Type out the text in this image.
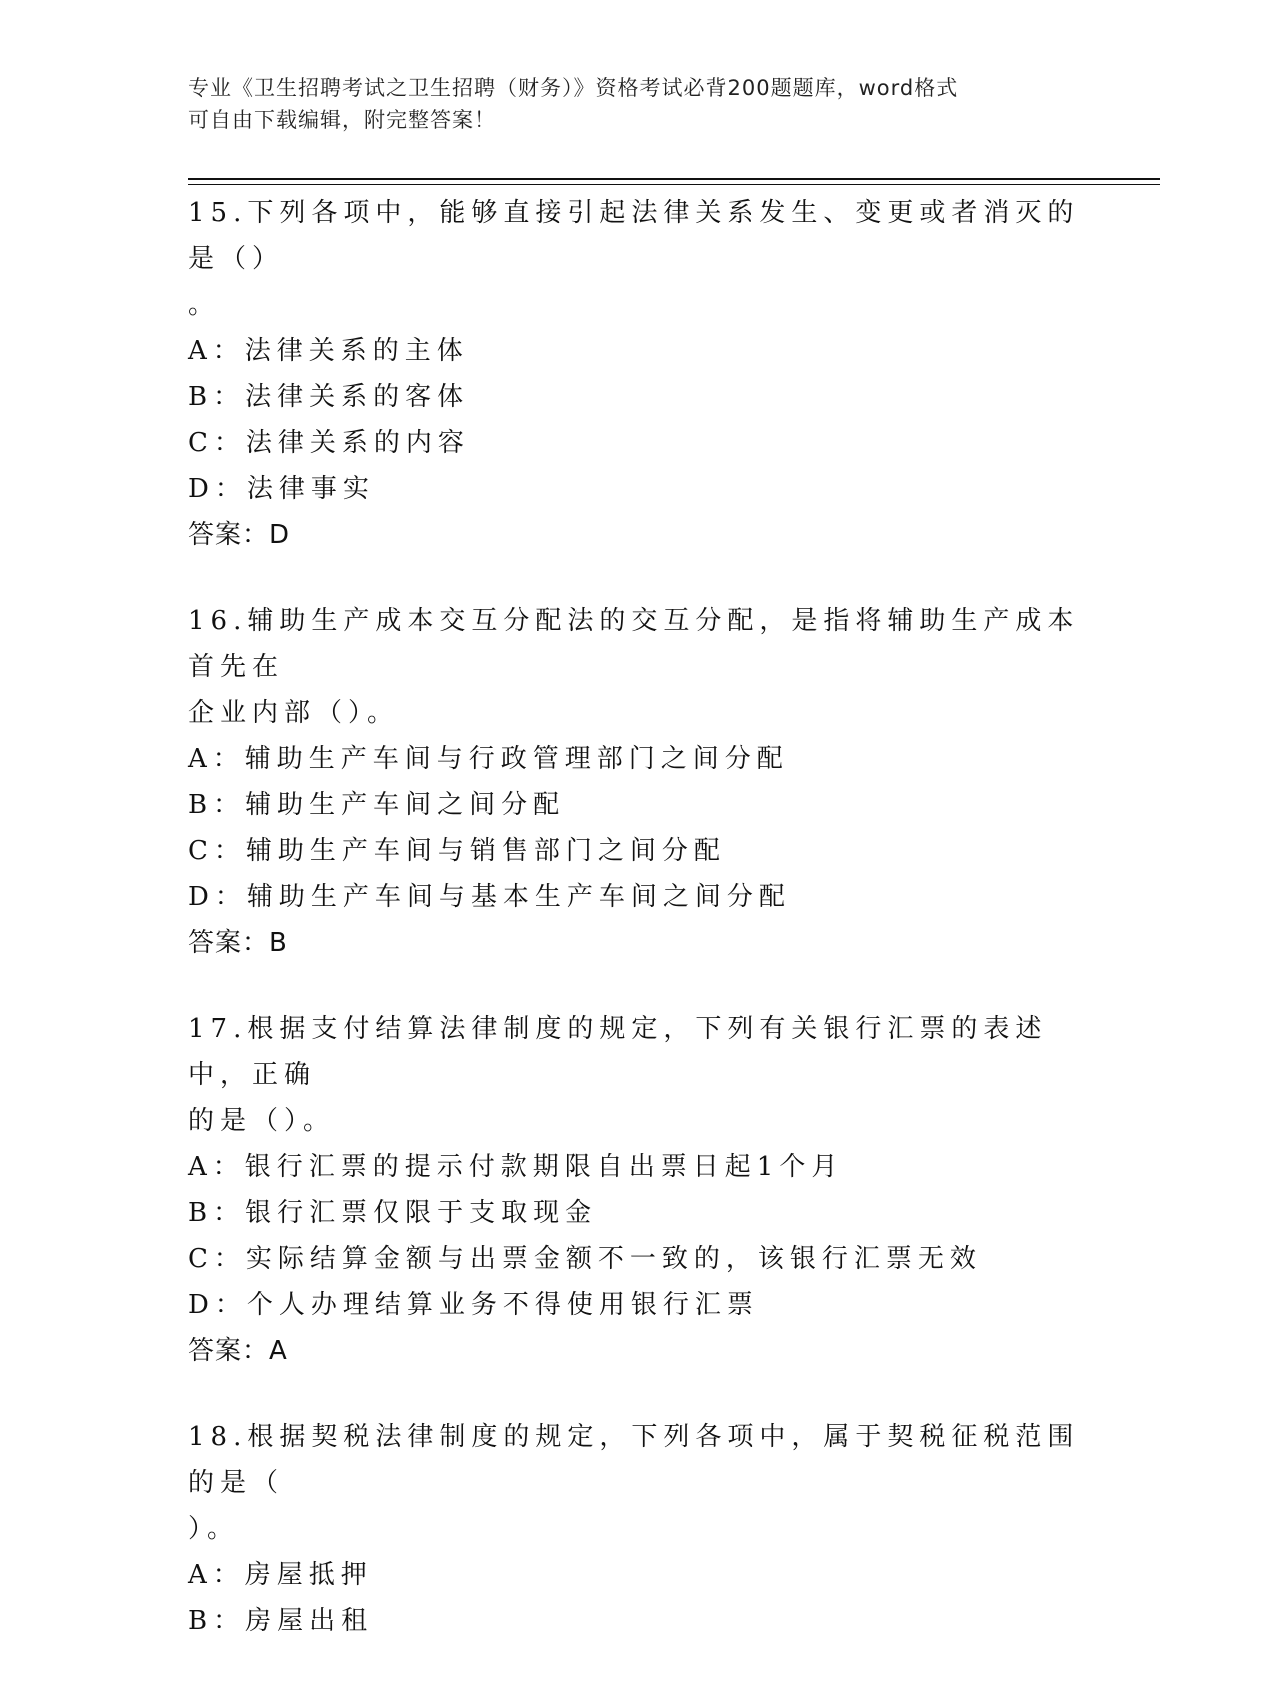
专业《卫生招聘考试之卫生招聘（财务）》资格考试必背200题题库，word格式
可自由下载编辑，附完整答案！

15.下列各项中，能够直接引起法律关系发生、变更或者消灭的是（）

。

A：法律关系的主体

B：法律关系的客体

C：法律关系的内容

D：法律事实

答案：D

16.辅助生产成本交互分配法的交互分配，是指将辅助生产成本首先在

企业内部（）。

A：辅助生产车间与行政管理部门之间分配

B：辅助生产车间之间分配

C：辅助生产车间与销售部门之间分配

D：辅助生产车间与基本生产车间之间分配

答案：B

17.根据支付结算法律制度的规定，下列有关银行汇票的表述中，正确

的是（）。

A：银行汇票的提示付款期限自出票日起1个月

B：银行汇票仅限于支取现金

C：实际结算金额与出票金额不一致的，该银行汇票无效

D：个人办理结算业务不得使用银行汇票

答案：A

18.根据契税法律制度的规定，下列各项中，属于契税征税范围的是（

）。

A：房屋抵押

B：房屋出租
